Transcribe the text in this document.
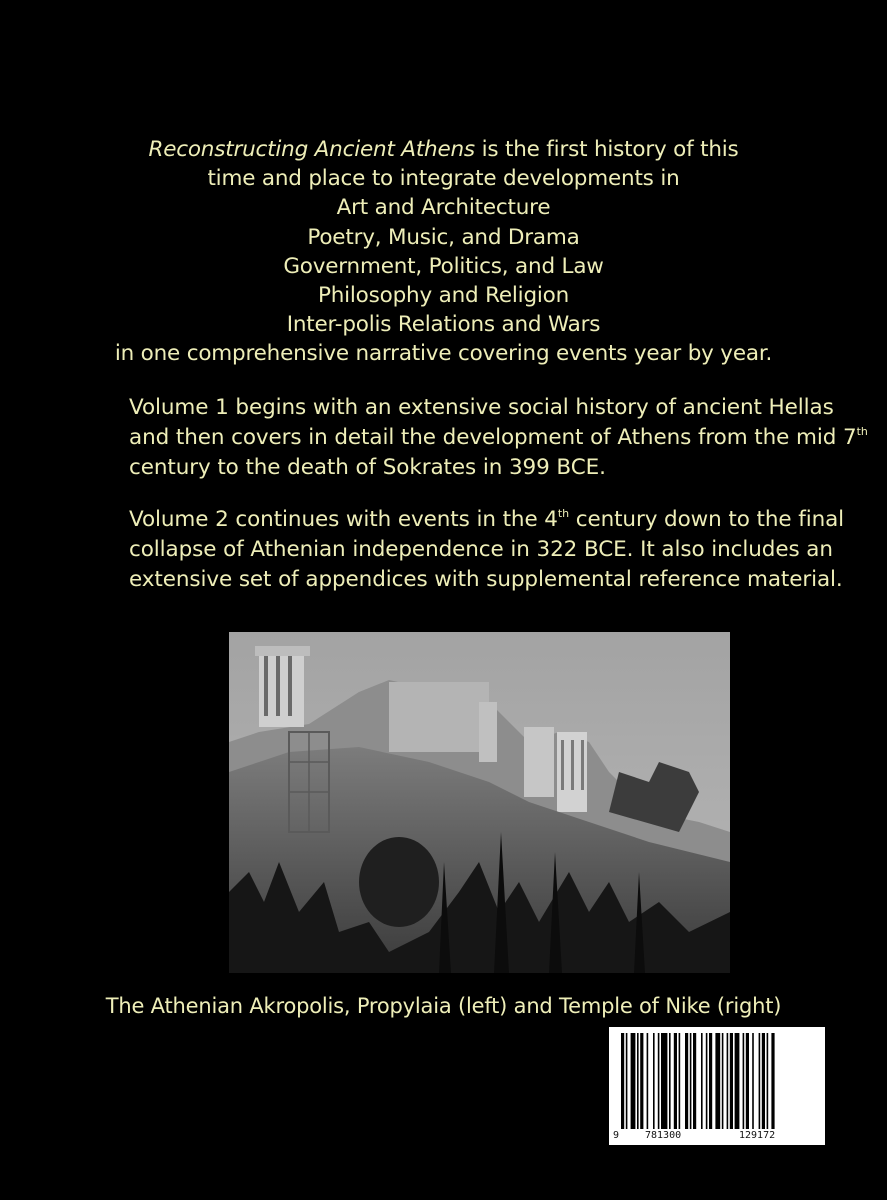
Reconstructing Ancient Athens is the first history of this
time and place to integrate developments in
Art and Architecture
Poetry, Music, and Drama
Government, Politics, and Law
Philosophy and Religion
Inter-polis Relations and Wars
in one comprehensive narrative covering events year by year.
Volume 1 begins with an extensive social history of ancient Hellas
and then covers in detail the development of Athens from the mid 7th
century to the death of Sokrates in 399 BCE.
Volume 2 continues with events in the 4th century down to the final
collapse of Athenian independence in 322 BCE. It also includes an
extensive set of appendices with supplemental reference material.
The Athenian Akropolis, Propylaia (left) and Temple of Nike (right)
9	781300	129172
